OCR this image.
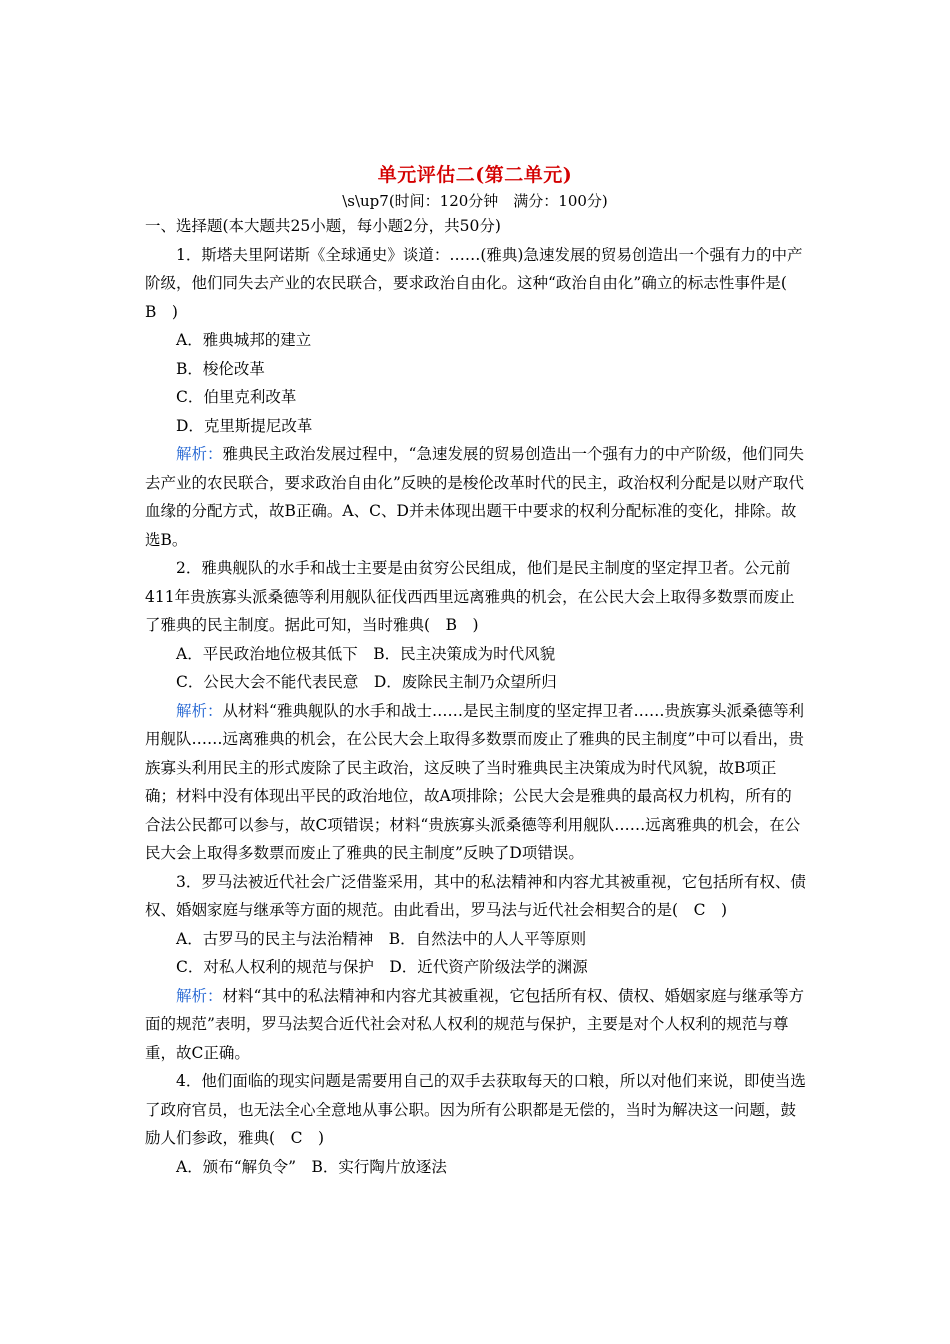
单元评估二(第二单元)
\s\up7(时间：120分钟　满分：100分)

一、选择题(本大题共25小题，每小题2分，共50分)

1．斯塔夫里阿诺斯《全球通史》谈道：……(雅典)急速发展的贸易创造出一个强有力的中产阶级，他们同失去产业的农民联合，要求政治自由化。这种“政治自由化”确立的标志性事件是(　B　)

A．雅典城邦的建立

B．梭伦改革

C．伯里克利改革

D．克里斯提尼改革

解析：雅典民主政治发展过程中，“急速发展的贸易创造出一个强有力的中产阶级，他们同失去产业的农民联合，要求政治自由化”反映的是梭伦改革时代的民主，政治权利分配是以财产取代血缘的分配方式，故B正确。A、C、D并未体现出题干中要求的权利分配标准的变化，排除。故选B。

2．雅典舰队的水手和战士主要是由贫穷公民组成，他们是民主制度的坚定捍卫者。公元前411年贵族寡头派桑德等利用舰队征伐西西里远离雅典的机会，在公民大会上取得多数票而废止了雅典的民主制度。据此可知，当时雅典(　B　)

A．平民政治地位极其低下　B．民主决策成为时代风貌

C．公民大会不能代表民意　D．废除民主制乃众望所归

解析：从材料“雅典舰队的水手和战士……是民主制度的坚定捍卫者……贵族寡头派桑德等利用舰队……远离雅典的机会，在公民大会上取得多数票而废止了雅典的民主制度”中可以看出，贵族寡头利用民主的形式废除了民主政治，这反映了当时雅典民主决策成为时代风貌，故B项正确；材料中没有体现出平民的政治地位，故A项排除；公民大会是雅典的最高权力机构，所有的合法公民都可以参与，故C项错误；材料“贵族寡头派桑德等利用舰队……远离雅典的机会，在公民大会上取得多数票而废止了雅典的民主制度”反映了D项错误。

3．罗马法被近代社会广泛借鉴采用，其中的私法精神和内容尤其被重视，它包括所有权、债权、婚姻家庭与继承等方面的规范。由此看出，罗马法与近代社会相契合的是(　C　)

A．古罗马的民主与法治精神　B．自然法中的人人平等原则

C．对私人权利的规范与保护　D．近代资产阶级法学的渊源

解析：材料“其中的私法精神和内容尤其被重视，它包括所有权、债权、婚姻家庭与继承等方面的规范”表明，罗马法契合近代社会对私人权利的规范与保护，主要是对个人权利的规范与尊重，故C正确。

4．他们面临的现实问题是需要用自己的双手去获取每天的口粮，所以对他们来说，即使当选了政府官员，也无法全心全意地从事公职。因为所有公职都是无偿的，当时为解决这一问题，鼓励人们参政，雅典(　C　)

A．颁布“解负令”　B．实行陶片放逐法
